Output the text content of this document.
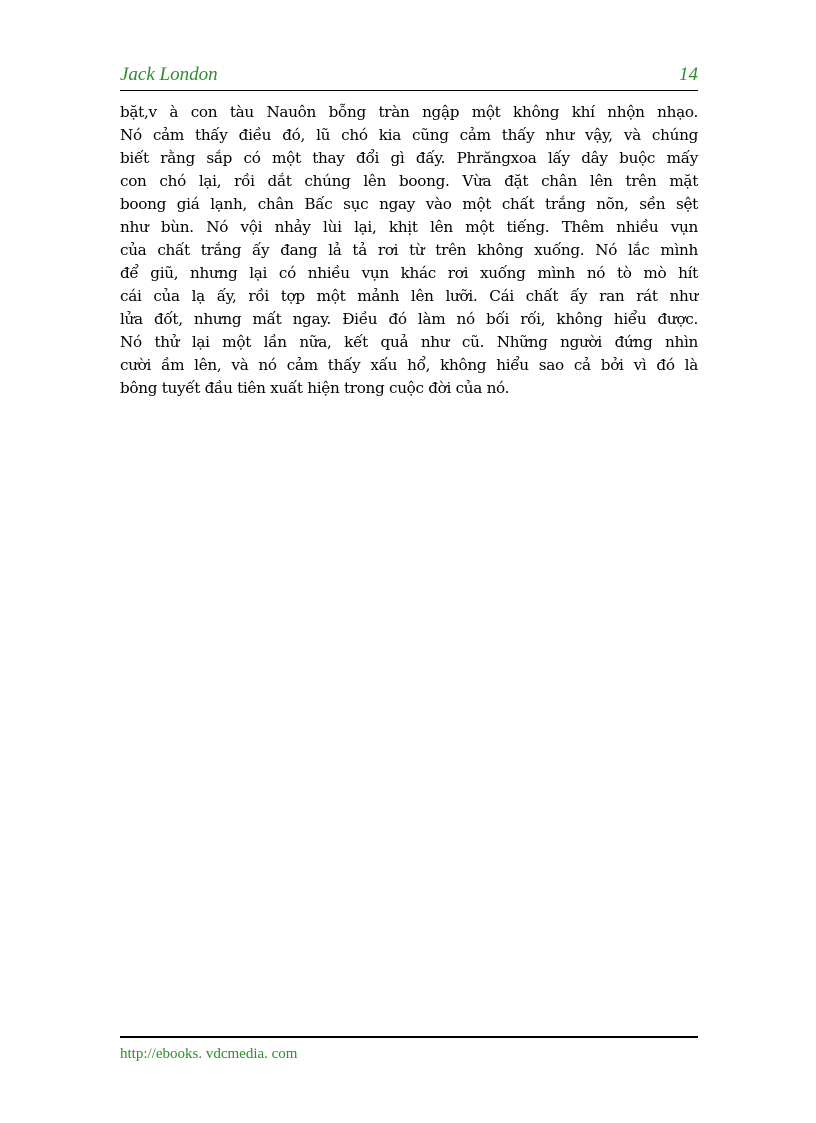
Jack London	14
bặt,v à con tàu Nauôn bỗng tràn ngập một không khí nhộn nhạo.
Nó cảm thấy điều đó, lũ chó kia cũng cảm thấy như vậy, và chúng
biết rằng sắp có một thay đổi gì đấy. Phrăngxoa lấy dây buộc mấy
con chó lại, rồi dắt chúng lên boong. Vừa đặt chân lên trên mặt
boong giá lạnh, chân Bấc sục ngay vào một chất trắng nõn, sền sệt
như bùn. Nó vội nhảy lùi lại, khịt lên một tiếng. Thêm nhiều vụn
của chất trắng ấy đang lả tả rơi từ trên không xuống. Nó lắc mình
để giũ, nhưng lại có nhiều vụn khác rơi xuống mình nó tò mò hít
cái của lạ ấy, rồi tợp một mảnh lên lưỡi. Cái chất ấy ran rát như
lửa đốt, nhưng mất ngay. Điều đó làm nó bối rối, không hiểu được.
Nó thử lại một lần nữa, kết quả như cũ. Những người đứng nhìn
cười ầm lên, và nó cảm thấy xấu hổ, không hiểu sao cả bởi vì đó là
bông tuyết đầu tiên xuất hiện trong cuộc đời của nó.
http://ebooks. vdcmedia. com
